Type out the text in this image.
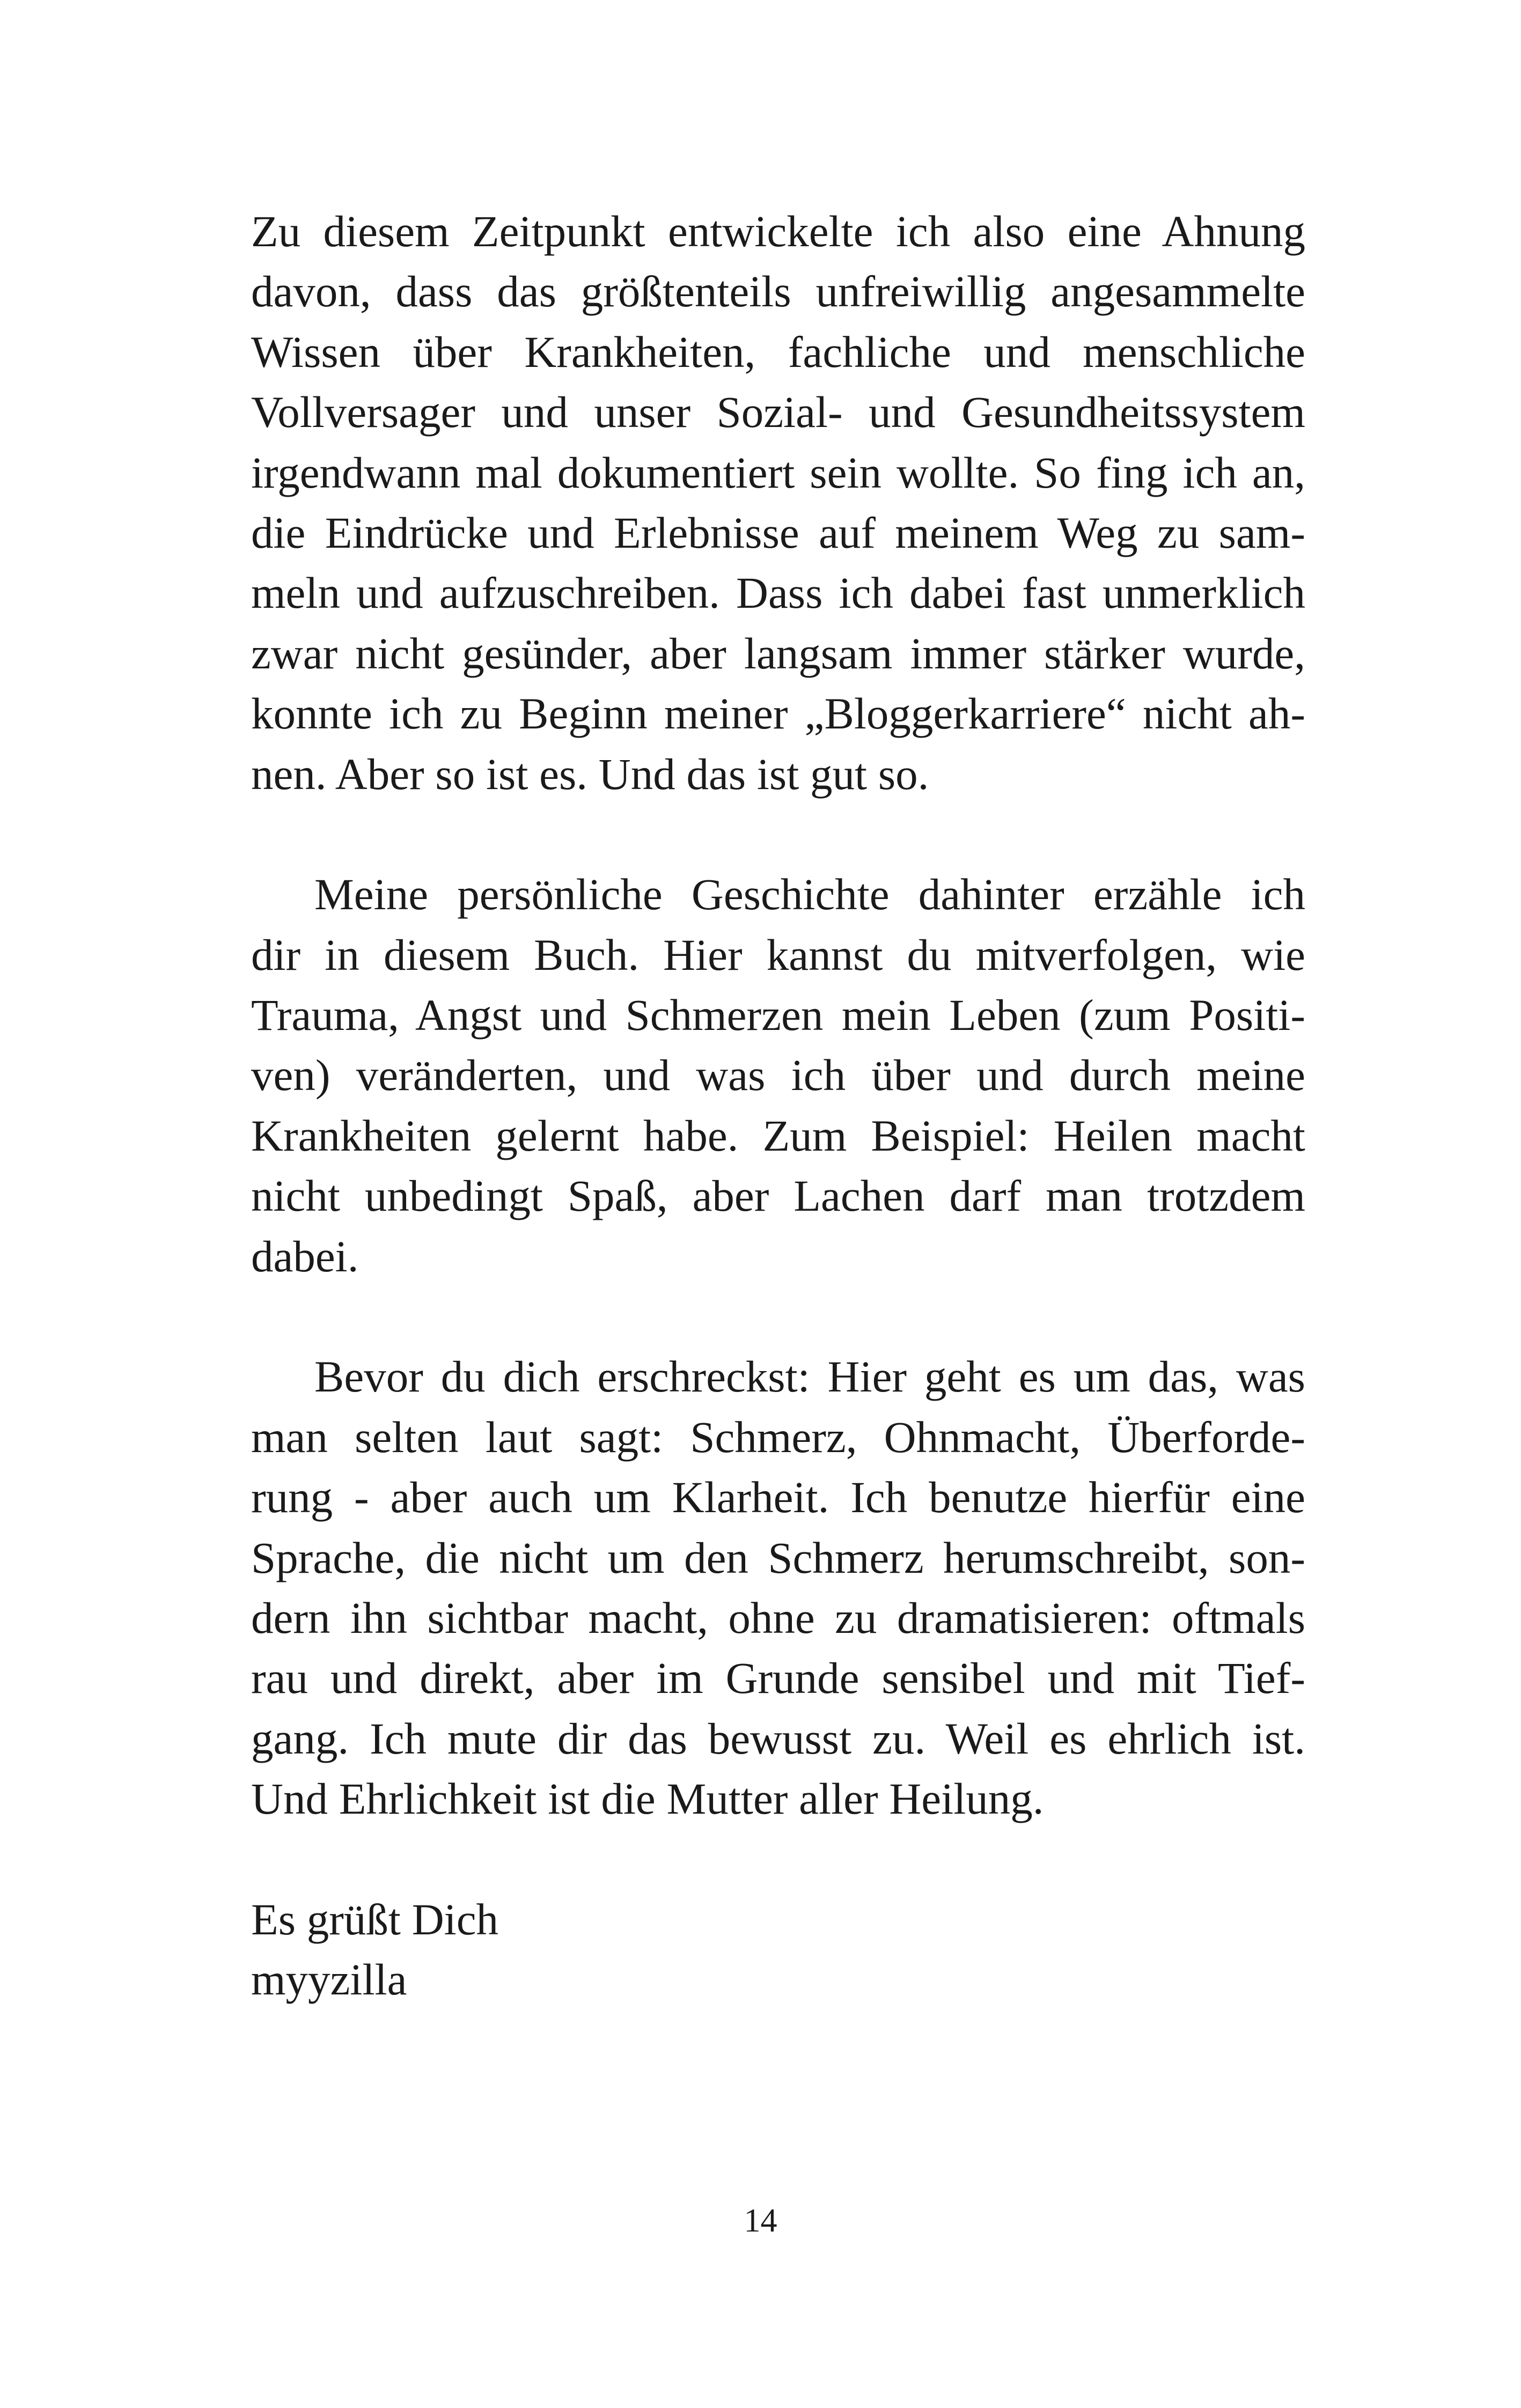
Zu diesem Zeitpunkt entwickelte ich also eine Ahnung
davon, dass das größtenteils unfreiwillig angesammelte
Wissen über Krankheiten, fachliche und menschliche
Vollversager und unser Sozial- und Gesundheitssystem
irgendwann mal dokumentiert sein wollte. So fing ich an,
die Eindrücke und Erlebnisse auf meinem Weg zu sam-
meln und aufzuschreiben. Dass ich dabei fast unmerklich
zwar nicht gesünder, aber langsam immer stärker wurde,
konnte ich zu Beginn meiner „Bloggerkarriere“ nicht ah-
nen. Aber so ist es. Und das ist gut so.
Meine persönliche Geschichte dahinter erzähle ich
dir in diesem Buch. Hier kannst du mitverfolgen, wie
Trauma, Angst und Schmerzen mein Leben (zum Positi-
ven) veränderten, und was ich über und durch meine
Krankheiten gelernt habe. Zum Beispiel: Heilen macht
nicht unbedingt Spaß, aber Lachen darf man trotzdem
dabei.
Bevor du dich erschreckst: Hier geht es um das, was
man selten laut sagt: Schmerz, Ohnmacht, Überforde-
rung - aber auch um Klarheit. Ich benutze hierfür eine
Sprache, die nicht um den Schmerz herumschreibt, son-
dern ihn sichtbar macht, ohne zu dramatisieren: oftmals
rau und direkt, aber im Grunde sensibel und mit Tief-
gang. Ich mute dir das bewusst zu. Weil es ehrlich ist.
Und Ehrlichkeit ist die Mutter aller Heilung.
Es grüßt Dich
myyzilla
14
